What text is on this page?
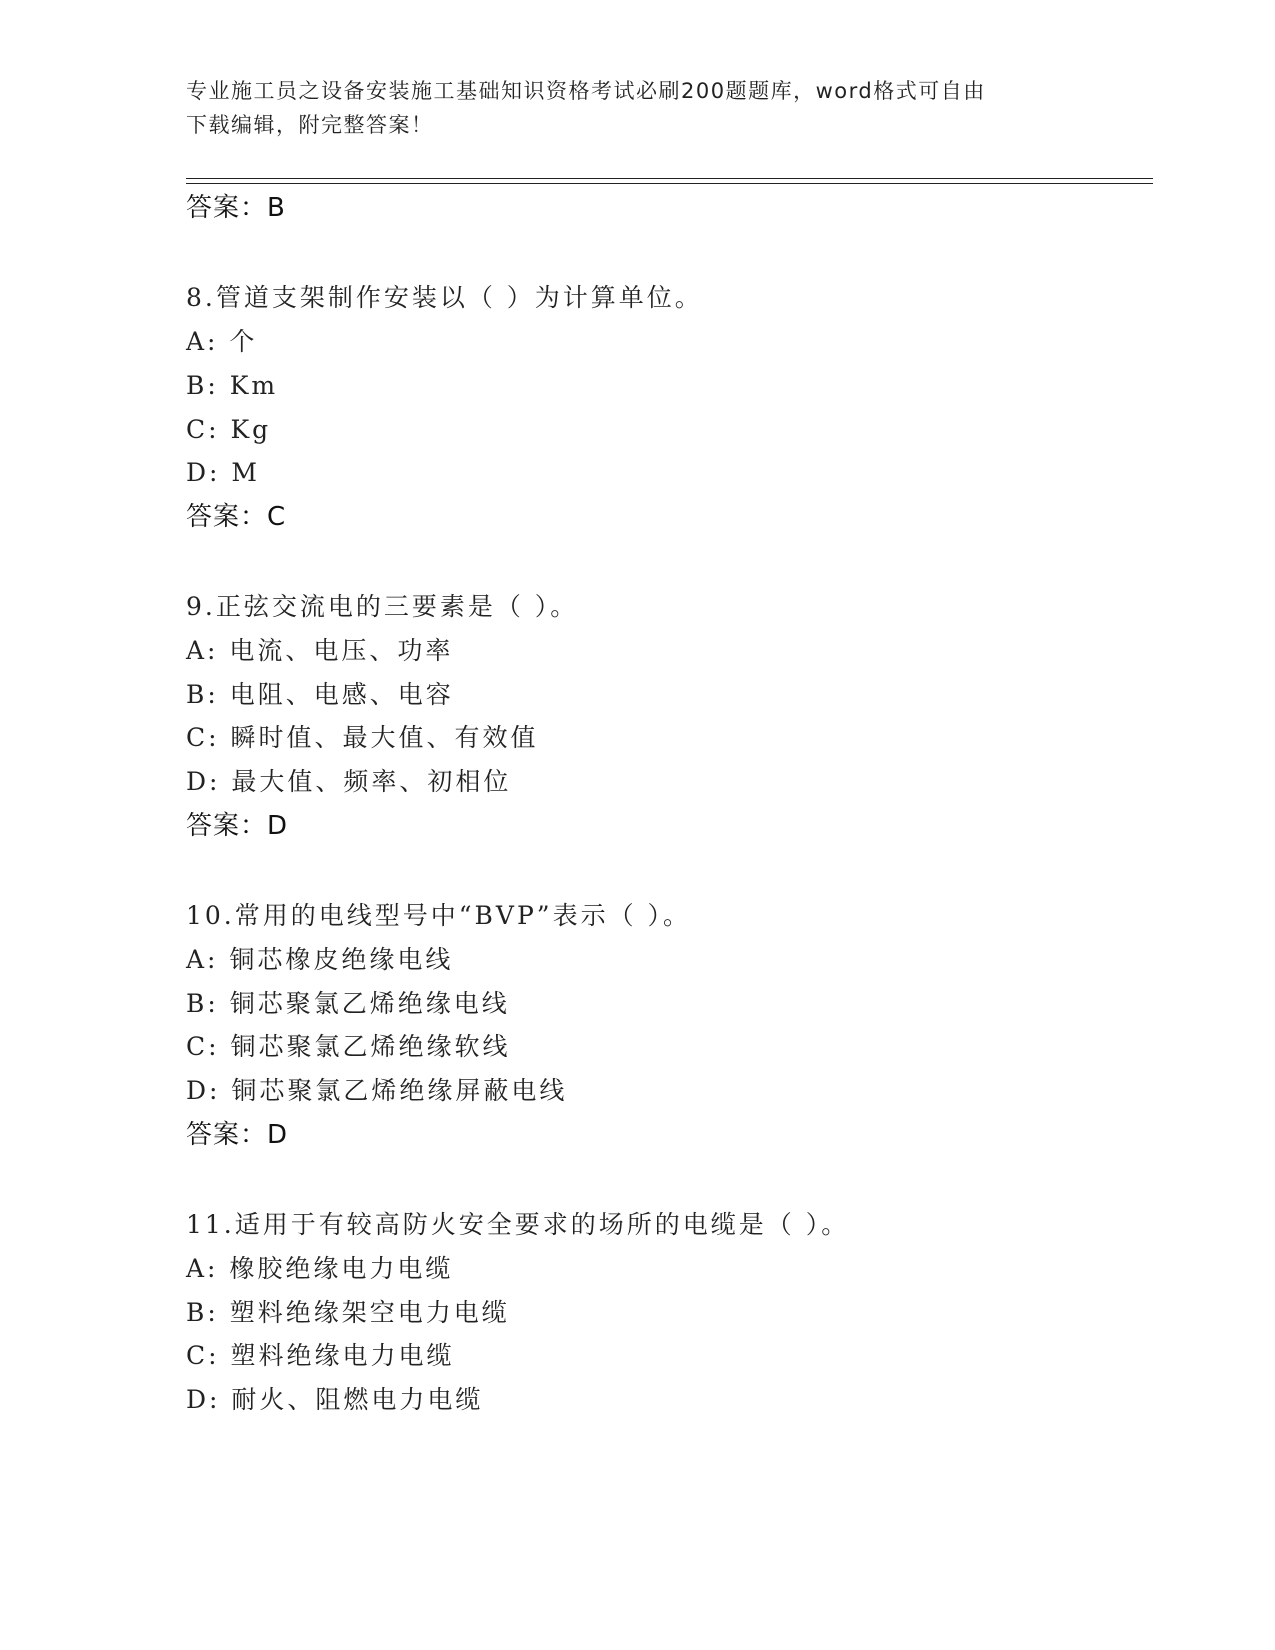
专业施工员之设备安装施工基础知识资格考试必刷200题题库，word格式可自由
下载编辑，附完整答案！
答案：B
8.管道支架制作安装以（ ）为计算单位。
A: 个
B: Km
C: Kg
D: M
答案：C
9.正弦交流电的三要素是（ ）。
A: 电流、电压、功率
B: 电阻、电感、电容
C: 瞬时值、最大值、有效值
D: 最大值、频率、初相位
答案：D
10.常用的电线型号中“BVP”表示（ ）。
A: 铜芯橡皮绝缘电线
B: 铜芯聚氯乙烯绝缘电线
C: 铜芯聚氯乙烯绝缘软线
D: 铜芯聚氯乙烯绝缘屏蔽电线
答案：D
11.适用于有较高防火安全要求的场所的电缆是（ ）。
A: 橡胶绝缘电力电缆
B: 塑料绝缘架空电力电缆
C: 塑料绝缘电力电缆
D: 耐火、阻燃电力电缆
